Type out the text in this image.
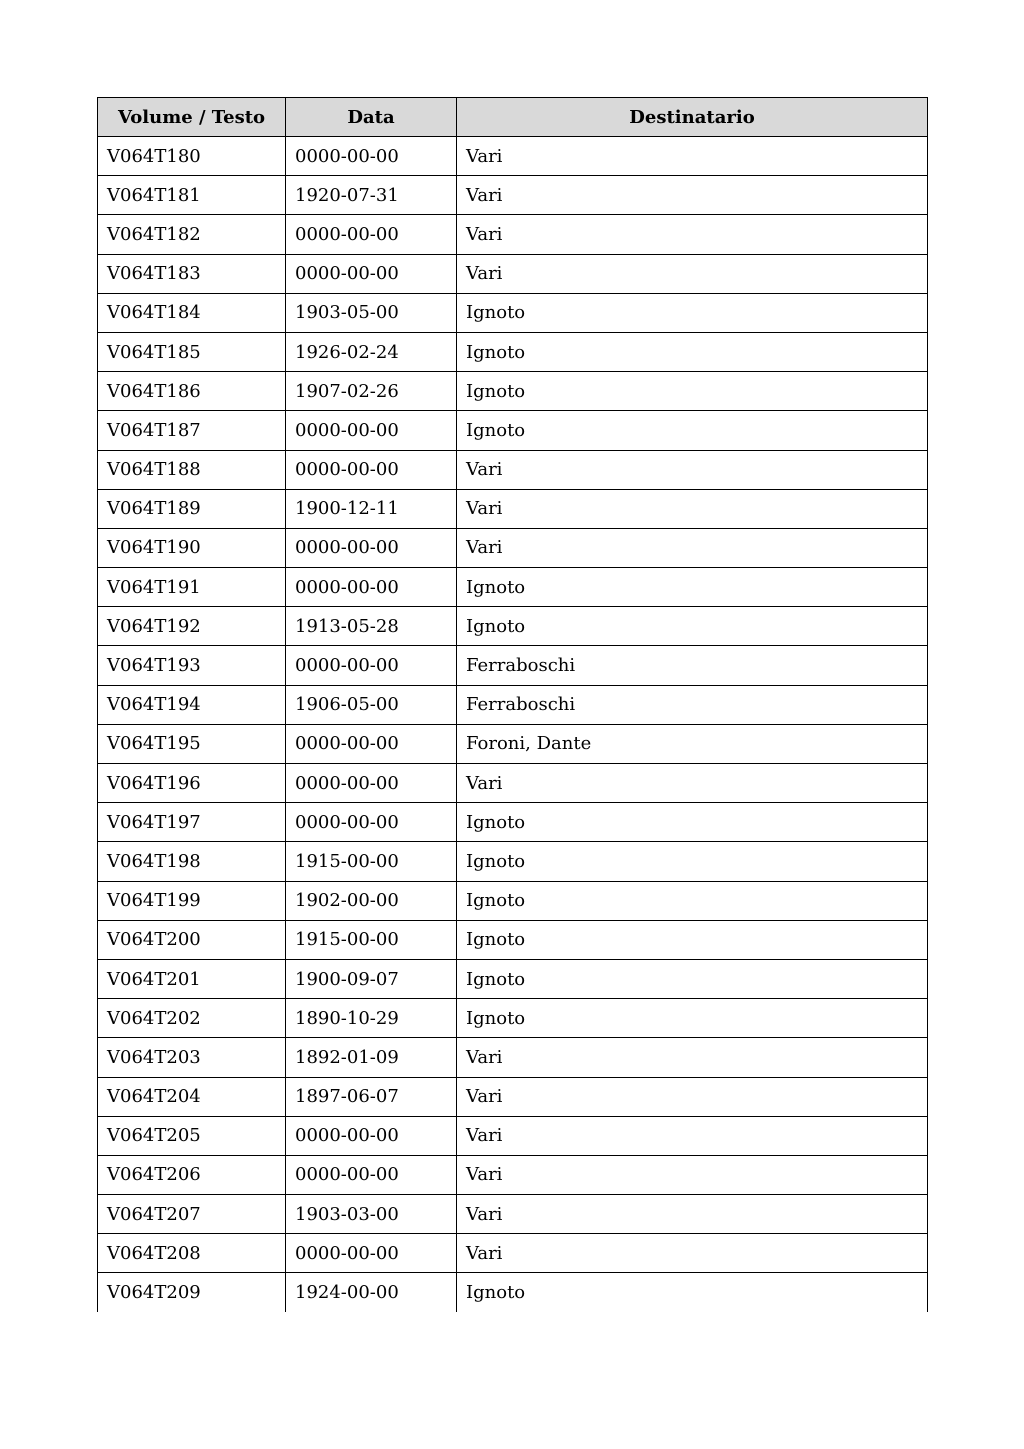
Volume / Testo	Data	Destinatario
V064T180	0000-00-00	Vari
V064T181	1920-07-31	Vari
V064T182	0000-00-00	Vari
V064T183	0000-00-00	Vari
V064T184	1903-05-00	Ignoto
V064T185	1926-02-24	Ignoto
V064T186	1907-02-26	Ignoto
V064T187	0000-00-00	Ignoto
V064T188	0000-00-00	Vari
V064T189	1900-12-11	Vari
V064T190	0000-00-00	Vari
V064T191	0000-00-00	Ignoto
V064T192	1913-05-28	Ignoto
V064T193	0000-00-00	Ferraboschi
V064T194	1906-05-00	Ferraboschi
V064T195	0000-00-00	Foroni, Dante
V064T196	0000-00-00	Vari
V064T197	0000-00-00	Ignoto
V064T198	1915-00-00	Ignoto
V064T199	1902-00-00	Ignoto
V064T200	1915-00-00	Ignoto
V064T201	1900-09-07	Ignoto
V064T202	1890-10-29	Ignoto
V064T203	1892-01-09	Vari
V064T204	1897-06-07	Vari
V064T205	0000-00-00	Vari
V064T206	0000-00-00	Vari
V064T207	1903-03-00	Vari
V064T208	0000-00-00	Vari
V064T209	1924-00-00	Ignoto
